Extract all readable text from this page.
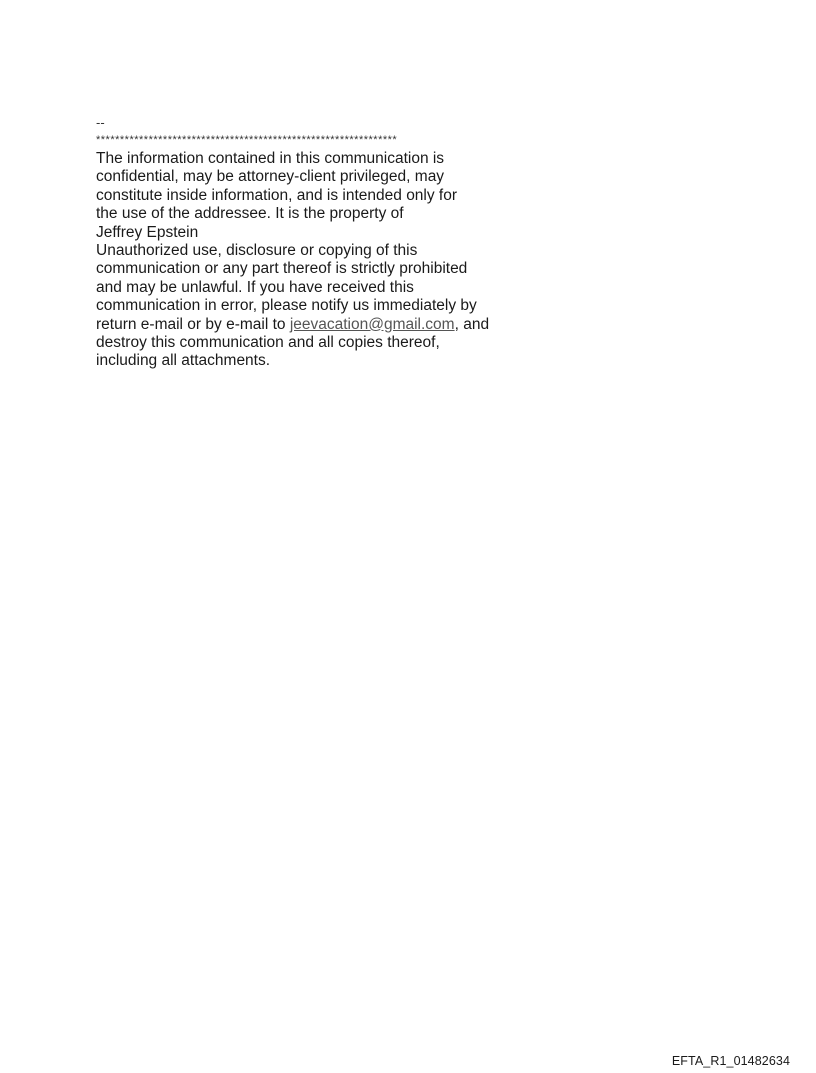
--
***************************************************************
The information contained in this communication is
confidential, may be attorney-client privileged, may
constitute inside information, and is intended only for
the use of the addressee. It is the property of
Jeffrey Epstein
Unauthorized use, disclosure or copying of this
communication or any part thereof is strictly prohibited
and may be unlawful. If you have received this
communication in error, please notify us immediately by
return e-mail or by e-mail to jeevacation@gmail.com, and
destroy this communication and all copies thereof,
including all attachments.
EFTA_R1_01482634
